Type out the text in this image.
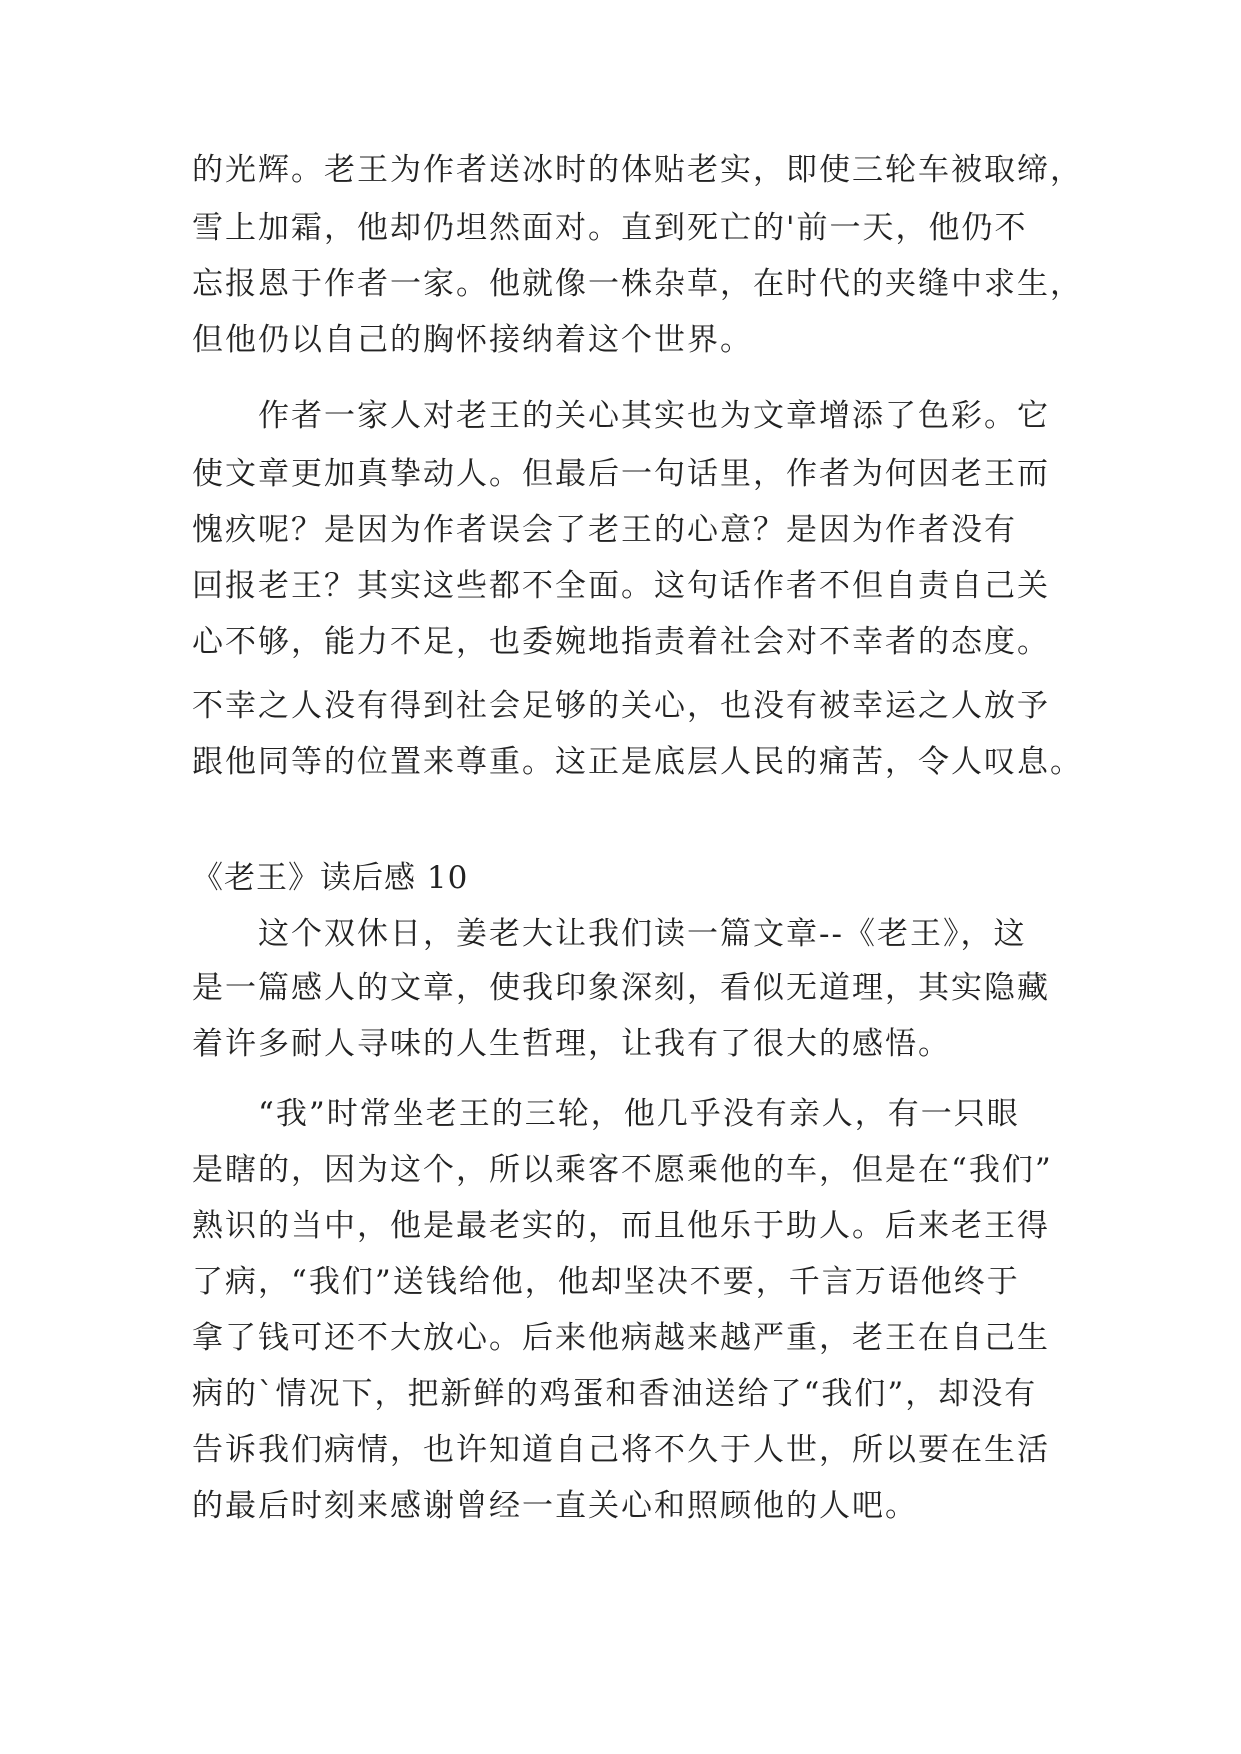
的光辉。老王为作者送冰时的体贴老实，即使三轮车被取缔，
雪上加霜，他却仍坦然面对。直到死亡的'前一天，他仍不
忘报恩于作者一家。他就像一株杂草，在时代的夹缝中求生，
但他仍以自己的胸怀接纳着这个世界。
　　作者一家人对老王的关心其实也为文章增添了色彩。它
使文章更加真挚动人。但最后一句话里，作者为何因老王而
愧疚呢？是因为作者误会了老王的心意？是因为作者没有
回报老王？其实这些都不全面。这句话作者不但自责自己关
心不够，能力不足，也委婉地指责着社会对不幸者的态度。
不幸之人没有得到社会足够的关心，也没有被幸运之人放予
跟他同等的位置来尊重。这正是底层人民的痛苦，令人叹息。
《老王》读后感 10
　　这个双休日，姜老大让我们读一篇文章--《老王》，这
是一篇感人的文章，使我印象深刻，看似无道理，其实隐藏
着许多耐人寻味的人生哲理，让我有了很大的感悟。
　　“我”时常坐老王的三轮，他几乎没有亲人，有一只眼
是瞎的，因为这个，所以乘客不愿乘他的车，但是在“我们”
熟识的当中，他是最老实的，而且他乐于助人。后来老王得
了病，“我们”送钱给他，他却坚决不要，千言万语他终于
拿了钱可还不大放心。后来他病越来越严重，老王在自己生
病的`情况下，把新鲜的鸡蛋和香油送给了“我们”，却没有
告诉我们病情，也许知道自己将不久于人世，所以要在生活
的最后时刻来感谢曾经一直关心和照顾他的人吧。
